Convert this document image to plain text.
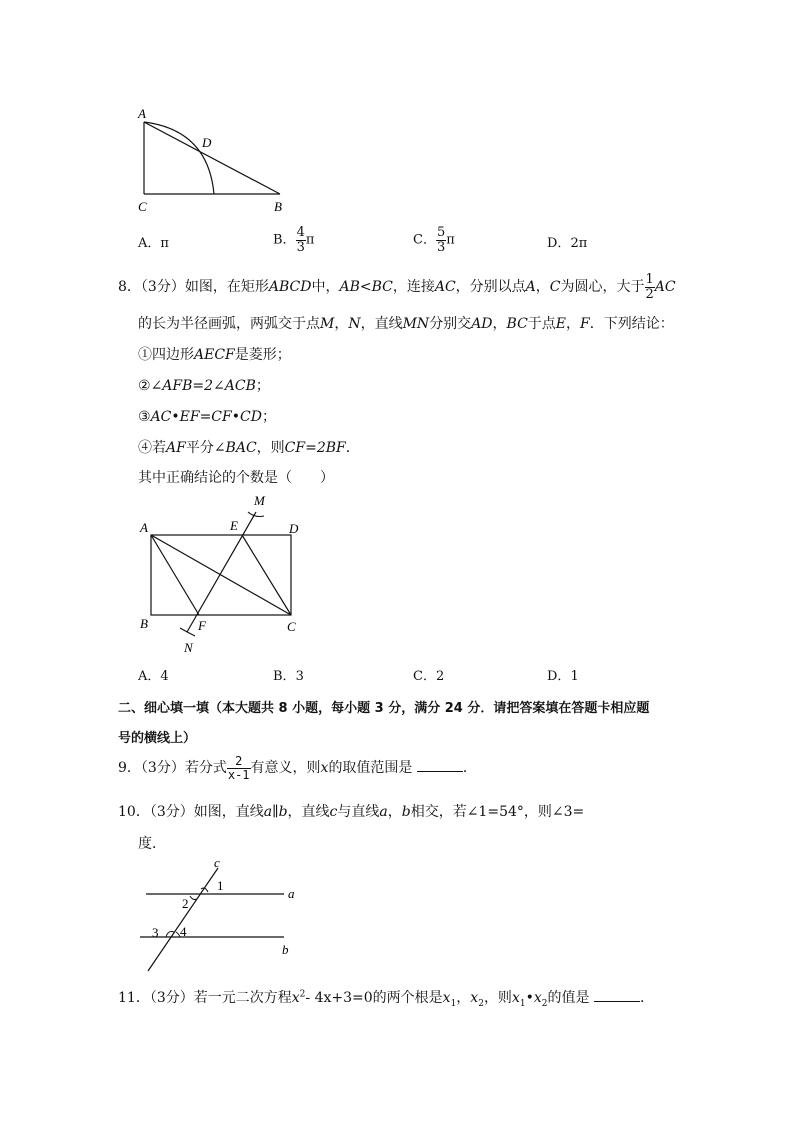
A
D
C	B
A．π	B． $\frac{4}{3}$ π	C． $\frac{5}{3}$ π	D．2π
8．（3分）如图，在矩形ABCD中，AB<BC，连接AC，分别以点A，C为圆心，大于 $\frac{1}{2}$ AC
的长为半径画弧，两弧交于点M，N，直线MN分别交AD，BC于点E，F．下列结论：
①四边形AECF是菱形；
②∠AFB=2∠ACB；
③AC•EF=CF•CD；
④若AF平分∠BAC，则CF=2BF．
其中正确结论的个数是（　　）
M
A	E	D
B	F	C
N
A．4	B．3	C．2	D．1
二、细心填一填（本大题共 8 小题，每小题 3 分，满分 24 分．请把答案填在答题卡相应题
号的横线上）
9．（3分）若分式 $\frac{2}{x-1}$ 有意义，则x的取值范围是	．
10．（3分）如图，直线a∥b，直线c与直线a，b相交，若∠1=54°，则∠3=
度．
c
1
2
a
3 4
b
11．（3分）若一元二次方程$x^2-$ 4x+3=0的两个根是$x_1$，$x_2$，则$x_1•x_2$的值是	．
